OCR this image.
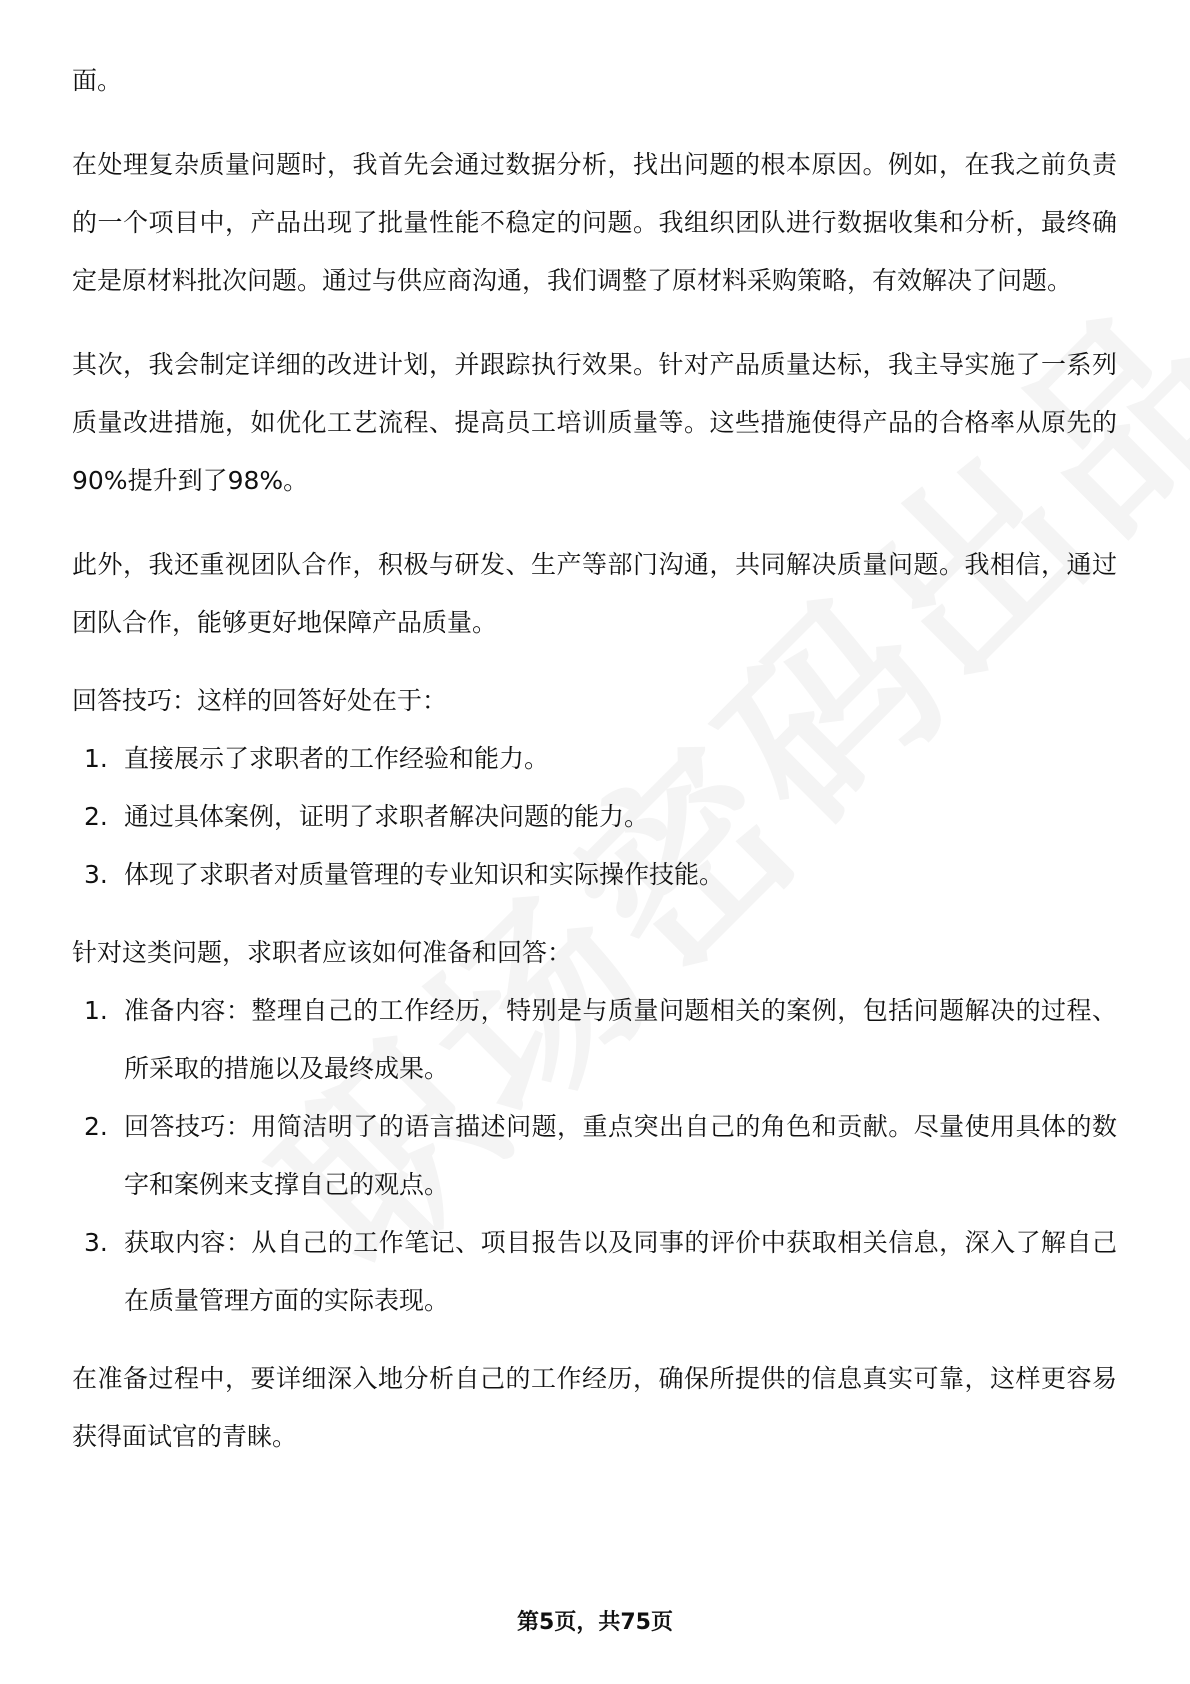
面。

在处理复杂质量问题时，我首先会通过数据分析，找出问题的根本原因。例如，在我之前负责的一个项目中，产品出现了批量性能不稳定的问题。我组织团队进行数据收集和分析，最终确定是原材料批次问题。通过与供应商沟通，我们调整了原材料采购策略，有效解决了问题。

其次，我会制定详细的改进计划，并跟踪执行效果。针对产品质量达标，我主导实施了一系列质量改进措施，如优化工艺流程、提高员工培训质量等。这些措施使得产品的合格率从原先的90%提升到了98%。

此外，我还重视团队合作，积极与研发、生产等部门沟通，共同解决质量问题。我相信，通过团队合作，能够更好地保障产品质量。

回答技巧：这样的回答好处在于：

1. 直接展示了求职者的工作经验和能力。
2. 通过具体案例，证明了求职者解决问题的能力。
3. 体现了求职者对质量管理的专业知识和实际操作技能。

针对这类问题，求职者应该如何准备和回答：

1. 准备内容：整理自己的工作经历，特别是与质量问题相关的案例，包括问题解决的过程、所采取的措施以及最终成果。
2. 回答技巧：用简洁明了的语言描述问题，重点突出自己的角色和贡献。尽量使用具体的数字和案例来支撑自己的观点。
3. 获取内容：从自己的工作笔记、项目报告以及同事的评价中获取相关信息，深入了解自己在质量管理方面的实际表现。

在准备过程中，要详细深入地分析自己的工作经历，确保所提供的信息真实可靠，这样更容易获得面试官的青睐。

第5页，共75页
